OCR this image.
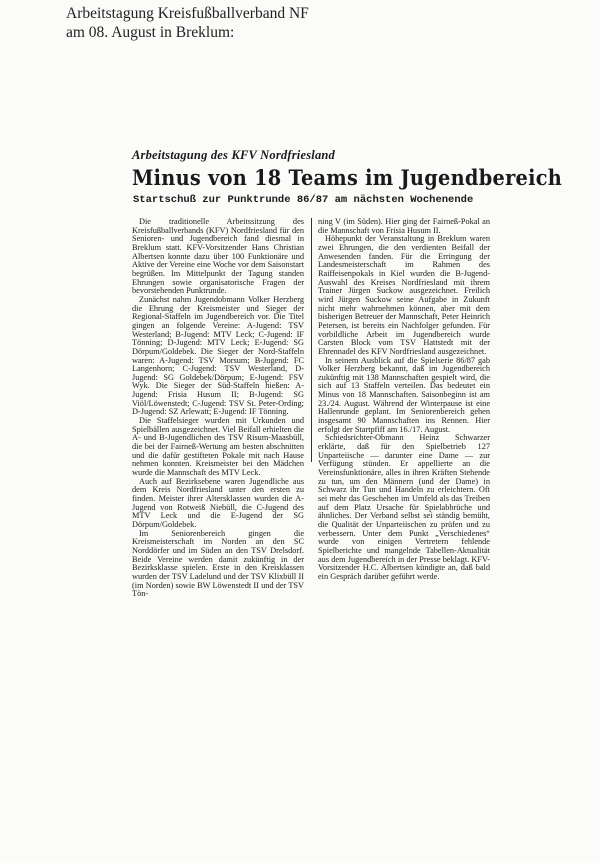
Arbeitstagung Kreisfußballverband NF
am 08. August in Breklum:

Arbeitstagung des KFV Nordfriesland

Minus von 18 Teams im Jugendbereich
Startschuß zur Punktrunde 86/87 am nächsten Wochenende

Die traditionelle Arbeitssitzung des Kreisfußballverbands (KFV) Nordfriesland für den Senioren- und Jugendbereich fand diesmal in Breklum statt. KFV-Vorsitzender Hans Christian Albertsen konnte dazu über 100 Funktionäre und Aktive der Vereine eine Woche vor dem Saisonstart begrüßen. Im Mittelpunkt der Tagung standen Ehrungen sowie organisatorische Fragen der bevorstehenden Punktrunde.

Zunächst nahm Jugendobmann Volker Herzberg die Ehrung der Kreismeister und Sieger der Regional-Staffeln im Jugendbereich vor. Die Titel gingen an folgende Vereine: A-Jugend: TSV Westerland; B-Jugend: MTV Leck; C-Jugend: IF Tönning; D-Jugend: MTV Leck; E-Jugend: SG Dörpum/Goldebek. Die Sieger der Nord-Staffeln waren: A-Jugend: TSV Morsum; B-Jugend: FC Langenhorn; C-Jugend: TSV Westerland, D-Jugend: SG Goldebek/Dörpum; E-Jugend: FSV Wyk. Die Sieger der Süd-Staffeln hießen: A-Jugend: Frisia Husum II; B-Jugend: SG Viöl/Löwenstedt; C-Jugend: TSV St. Peter-Ording; D-Jugend: SZ Arlewatt; E-Jugend: IF Tönning.

Die Staffelsieger wurden mit Urkunden und Spielbällen ausgezeichnet. Viel Beifall erhielten die A- und B-Jugendlichen des TSV Risum-Maasbüll, die bei der Fairneß-Wertung am besten abschnitten und die dafür gestifteten Pokale mit nach Hause nehmen konnten. Kreismeister bei den Mädchen wurde die Mannschaft des MTV Leck.

Auch auf Bezirksebene waren Jugendliche aus dem Kreis Nordfriesland unter den ersten zu finden. Meister ihrer Altersklassen wurden die A-Jugend von Rotweiß Niebüll, die C-Jugend des MTV Leck und die E-Jugend der SG Dörpum/Goldebek.

Im Seniorenbereich gingen die Kreismeisterschaft im Norden an den SC Norddörfer und im Süden an den TSV Drelsdorf. Beide Vereine werden damit zukünftig in der Bezirksklasse spielen. Erste in den Kreisklassen wurden der TSV Ladelund und der TSV Klixbüll II (im Norden) sowie BW Löwenstedt II und der TSV Tön-

ning V (im Süden). Hier ging der Fairneß-Pokal an die Mannschaft von Frisia Husum II.

Höhepunkt der Veranstaltung in Breklum waren zwei Ehrungen, die den verdienten Beifall der Anwesenden fanden. Für die Erringung der Landesmeisterschaft im Rahmen des Raiffeisenpokals in Kiel wurden die B-Jugend-Auswahl des Kreises Nordfriesland mit ihrem Trainer Jürgen Suckow ausgezeichnet. Freilich wird Jürgen Suckow seine Aufgabe in Zukunft nicht mehr wahrnehmen können, aber mit dem bisherigen Betreuer der Mannschaft, Peter Heinrich Petersen, ist bereits ein Nachfolger gefunden. Für vorbildliche Arbeit im Jugendbereich wurde Carsten Block vom TSV Hattstedt mit der Ehrennadel des KFV Nordfriesland ausgezeichnet.

In seinem Ausblick auf die Spielserie 86/87 gab Volker Herzberg bekannt, daß im Jugendbereich zukünftig mit 138 Mannschaften gespielt wird, die sich auf 13 Staffeln verteilen. Das bedeutet ein Minus von 18 Mannschaften. Saisonbeginn ist am 23./24. August. Während der Winterpause ist eine Hallenrunde geplant. Im Seniorenbereich gehen insgesamt 90 Mannschaften ins Rennen. Hier erfolgt der Startpfiff am 16./17. August.

Schiedsrichter-Obmann Heinz Schwarzer erklärte, daß für den Spielbetrieb 127 Unparteiische — darunter eine Dame — zur Verfügung stünden. Er appellierte an die Vereinsfunktionäre, alles in ihren Kräften Stehende zu tun, um den Männern (und der Dame) in Schwarz ihr Tun und Handeln zu erleichtern. Oft sei mehr das Geschehen im Umfeld als das Treiben auf dem Platz Ursache für Spielabbrüche und ähnliches. Der Verband selbst sei ständig bemüht, die Qualität der Unparteiischen zu prüfen und zu verbessern. Unter dem Punkt „Verschiedenes“ wurde von einigen Vertretern fehlende Spielberichte und mangelnde Tabellen-Aktualität aus dem Jugendbereich in der Presse beklagt. KFV-Vorsitzender H.C. Albertsen kündigte an, daß bald ein Gespräch darüber geführt werde.
